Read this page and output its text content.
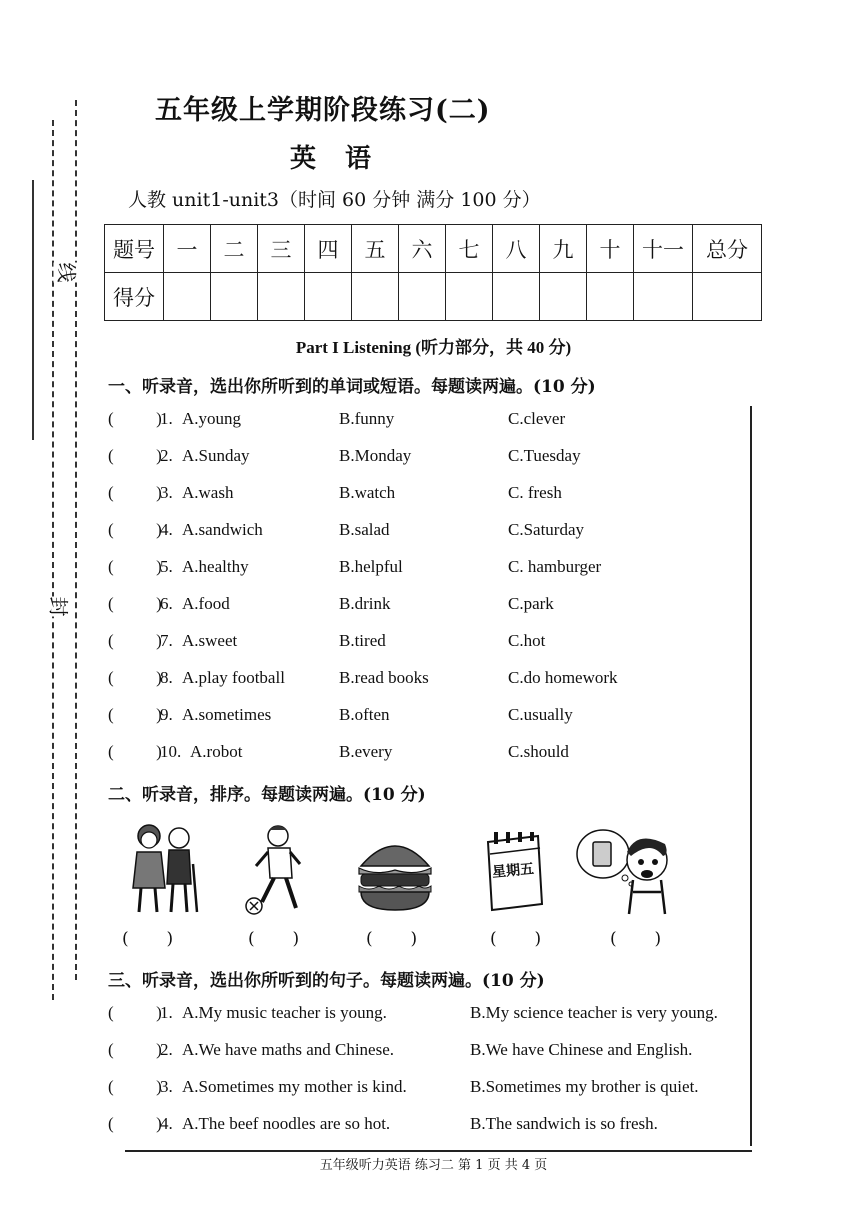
线
封
五年级上学期阶段练习(二)
英 语
人教 unit1-unit3（时间 60 分钟 满分 100 分）
题号	一	二	三	四	五	六	七	八	九	十	十一	总分
得分												
Part I Listening (听力部分，共 40 分)
一、听录音，选出你所听到的单词或短语。每题读两遍。(10 分)
(          )
1. A.young	B.funny	C.clever
(          )
2. A.Sunday	B.Monday	C.Tuesday
(          )
3. A.wash	B.watch	C. fresh
(          )
4. A.sandwich	B.salad	C.Saturday
(          )
5. A.healthy	B.helpful	C. hamburger
(          )
6. A.food	B.drink	C.park
(          )
7. A.sweet	B.tired	C.hot
(          )
8. A.play football	B.read books	C.do homework
(          )
9. A.sometimes	B.often	C.usually
(          )
10. A.robot	B.every	C.should
二、听录音，排序。每题读两遍。(10 分)
星期五
(       )	(       )	(       )	(       )	(       )
三、听录音，选出你所听到的句子。每题读两遍。(10 分)
(          )
1. A.My music teacher is young.	B.My science teacher is very young.
(          )
2. A.We have maths and Chinese.	B.We have Chinese and English.
(          )
3. A.Sometimes my mother is kind.	B.Sometimes my brother is quiet.
(          )
4. A.The beef noodles are so hot.	B.The sandwich is so fresh.
五年级听力英语 练习二 第 1 页 共 4 页
